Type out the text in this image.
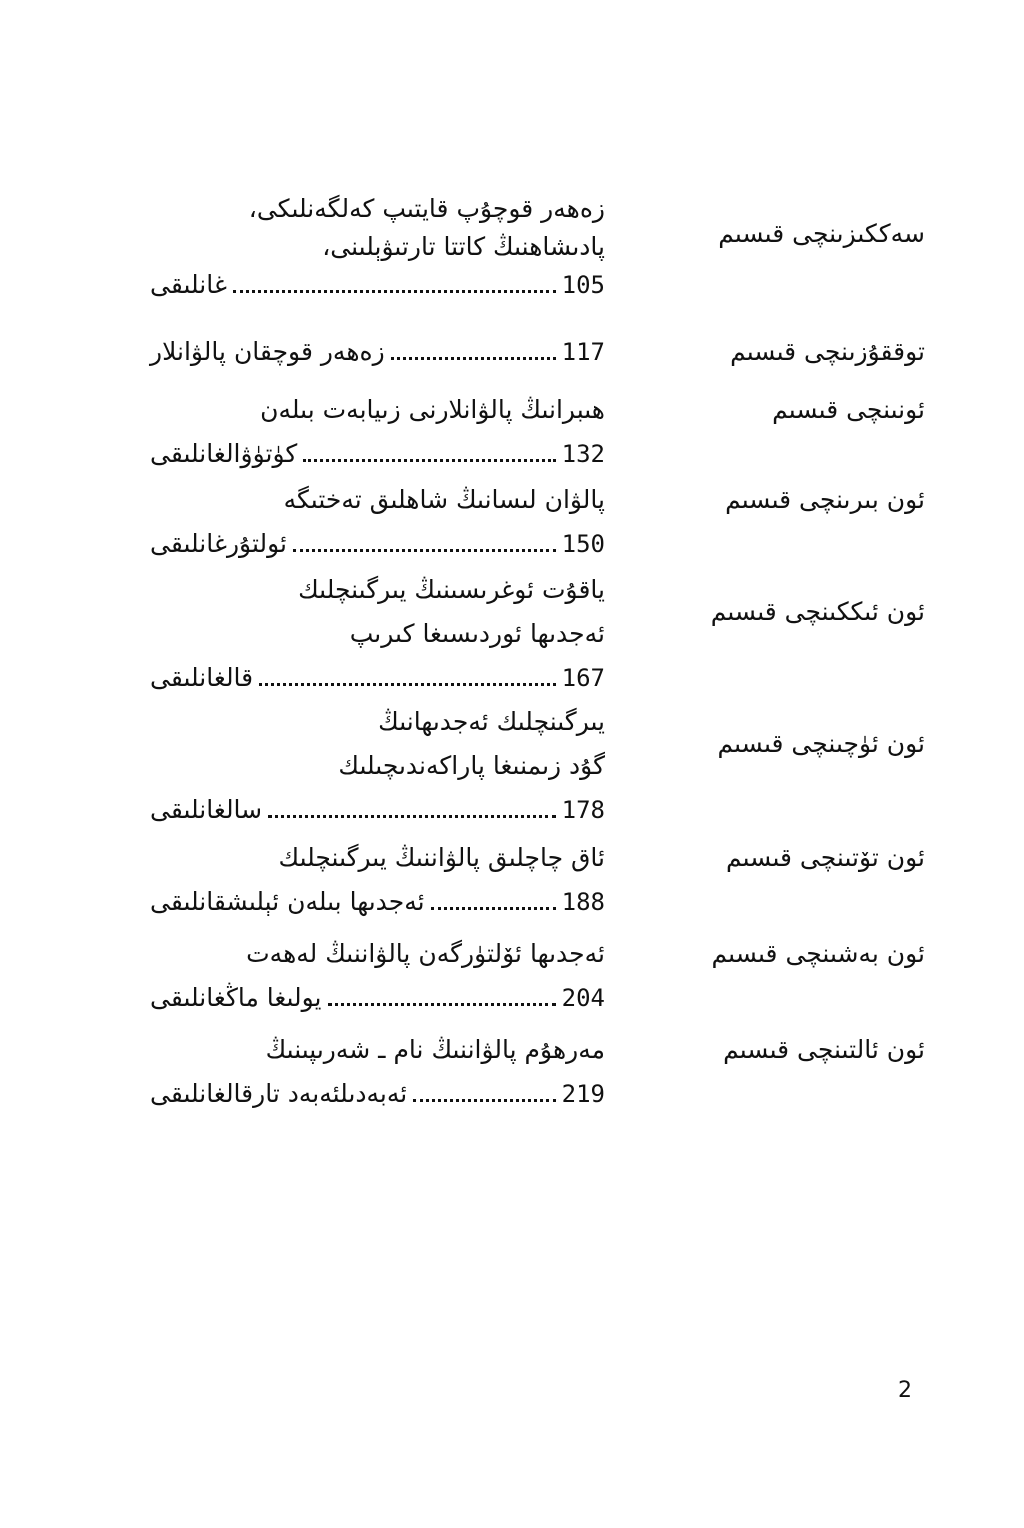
سەككىزىنچى قىسىم
زەھەر قوچۇپ قايتىپ كەلگەنلىكى،
پادىشاھنىڭ كاتتا تارتىۋېلىنى،
غانلىقى	105
توققۇزىنچى قىسىم
زەھەر قوچقان پالۋانلار	117
ئونىنچى قىسىم
ھىبرانىڭ پالۋانلارنى زىيابەت بىلەن
كۈتۈۋالغانلىقى	132
ئون بىرىنچى قىسىم
پالۋان لىسانىڭ شاھلىق تەختىگە
ئولتۇرغانلىقى	150
ئون ئىككىنچى قىسىم
ياقۇت ئوغرىسىنىڭ يىرگىنچلىك
ئەجدىھا ئوردىسىغا كىرىپ
قالغانلىقى	167
ئون ئۈچىنچى قىسىم
يىرگىنچلىك ئەجدىھانىڭ
گۇد زىمنىغا پاراكەندىچىلىك
سالغانلىقى	178
ئون تۆتىنچى قىسىم
ئاق چاچلىق پالۋاننىڭ يىرگىنچلىك
ئەجدىھا بىلەن ئېلىشقانلىقى	188
ئون بەشىنچى قىسىم
ئەجدىھا ئۆلتۈرگەن پالۋاننىڭ لەھەت
يولىغا ماڭغانلىقى	204
ئون ئالتىنچى قىسىم
مەرھۇم پالۋاننىڭ نام ـ شەرىپىنىڭ
ئەبەدىلئەبەد تارقالغانلىقى	219
2
